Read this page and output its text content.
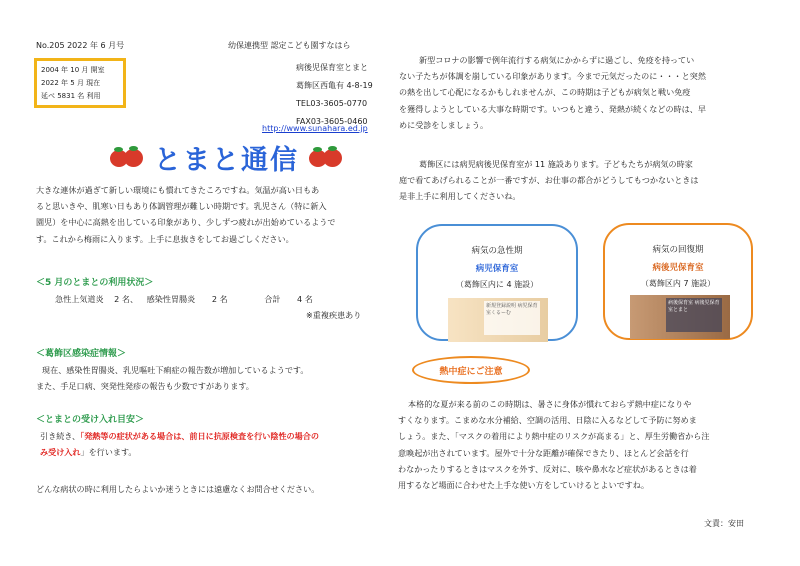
No.205 2022 年 6 月号	幼保連携型 認定こども園すなはら
病後児保育室とまと
葛飾区西亀有 4-8-19
TEL03-3605-0770
FAX03-3605-0460
http://www.sunahara.ed.jp
2004 年 10 月 開室
2022 年 5 月 現在
延べ 5831 名 利用
とまと通信
大きな連休が過ぎて新しい環境にも慣れてきたころですね。気温が高い日もあ
ると思いきや、肌寒い日もあり体調管理が難しい時期です。乳児さん（特に新入
園児）を中心に高熱を出している印象があり、少しずつ疲れが出始めているようで
す。これから梅雨に入ります。上手に息抜きをしてお過ごしください。
＜5 月のとまとの利用状況＞
急性上気道炎 2 名、 感染性胃腸炎 2 名	合計 4 名
※重複疾患あり
＜葛飾区感染症情報＞
現在、感染性胃腸炎、乳児嘔吐下痢症の報告数が増加しているようです。
また、手足口病、突発性発疹の報告も少数ですがあります。
＜とまとの受け入れ目安＞
引き続き、「発熱等の症状がある場合は、前日に抗原検査を行い陰性の場合の
み受け入れ」を行います。
どんな病状の時に利用したらよいか迷うときには遠慮なくお問合せください。
新型コロナの影響で例年流行する病気にかからずに過ごし、免疫を持ってい
ない子たちが体調を崩している印象があります。今まで元気だったのに・・・と突然
の熱を出して心配になるかもしれませんが、この時期は子どもが病気と戦い免疫
を獲得しようとしている大事な時期です。いつもと違う、発熱が続くなどの時は、早
めに受診をしましょう。
葛飾区には病児病後児保育室が 11 施設あります。子どもたちが病気の時家
庭で看てあげられることが一番ですが、お仕事の都合がどうしてもつかないときは
是非上手に利用してくださいね。
病気の急性期
病児保育室
（葛飾区内に 4 施設）
新規登録説明 病児保育室くるーむ
病気の回復期
病後児保育室
（葛飾区内 7 施設）
病後保育室 病後児保育室とまと
熱中症にご注意
本格的な夏が来る前のこの時期は、暑さに身体が慣れておらず熱中症になりや
すくなります。こまめな水分補給、空調の活用、日陰に入るなどして予防に努めま
しょう。また、「マスクの着用により熱中症のリスクが高まる」と、厚生労働省から注
意喚起が出されています。屋外で十分な距離が確保できたり、ほとんど会話を行
わなかったりするときはマスクを外す、反対に、咳や鼻水など症状があるときは着
用するなど場面に合わせた上手な使い方をしていけるとよいですね。
文責：安田
